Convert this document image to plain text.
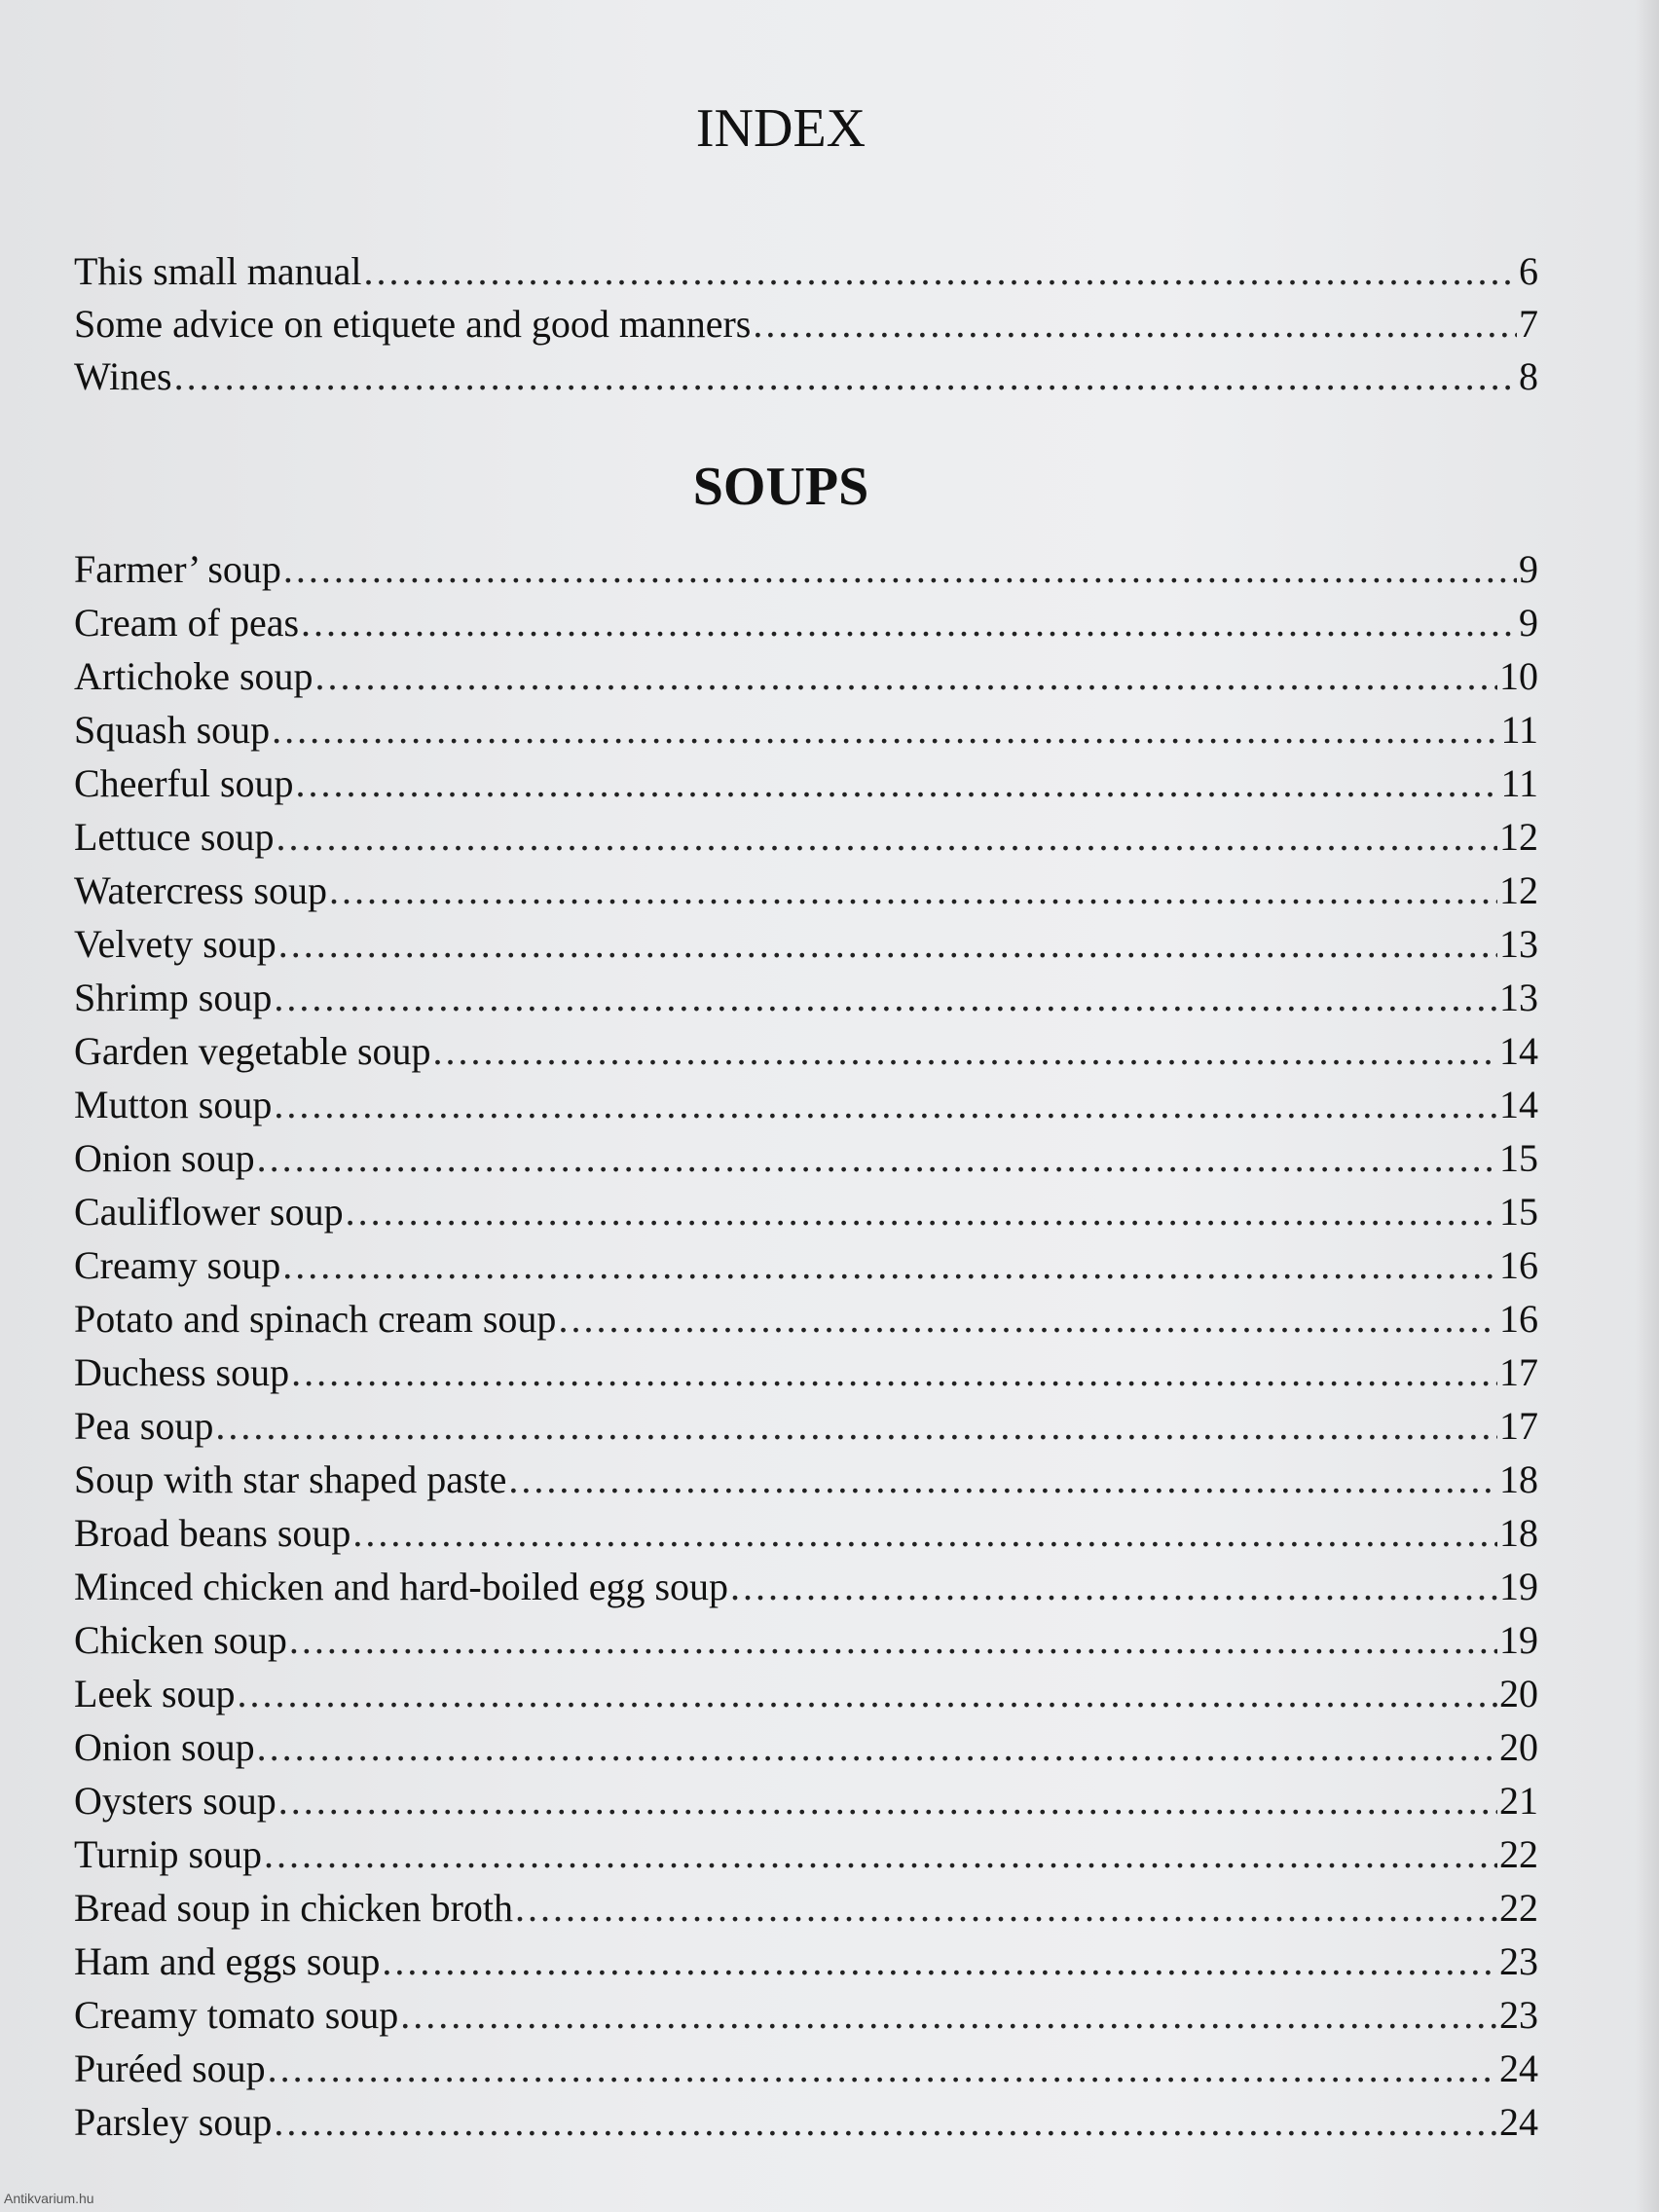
INDEX
This small manual .....	6
Some advice on etiquete and good manners .....	7
Wines .....	8
SOUPS
Farmer’ soup .....	9
Cream of peas .....	9
Artichoke soup .....	10
Squash soup .....	11
Cheerful soup .....	11
Lettuce soup .....	12
Watercress soup .....	12
Velvety soup .....	13
Shrimp soup .....	13
Garden vegetable soup .....	14
Mutton soup .....	14
Onion soup .....	15
Cauliflower soup .....	15
Creamy soup .....	16
Potato and spinach cream soup .....	16
Duchess soup .....	17
Pea soup .....	17
Soup with star shaped paste .....	18
Broad beans soup .....	18
Minced chicken and hard-boiled egg soup .....	19
Chicken soup .....	19
Leek soup .....	20
Onion soup .....	20
Oysters soup .....	21
Turnip soup .....	22
Bread soup in chicken broth .....	22
Ham and eggs soup .....	23
Creamy tomato soup .....	23
Puréed soup .....	24
Parsley soup .....	24
Antikvarium.hu
